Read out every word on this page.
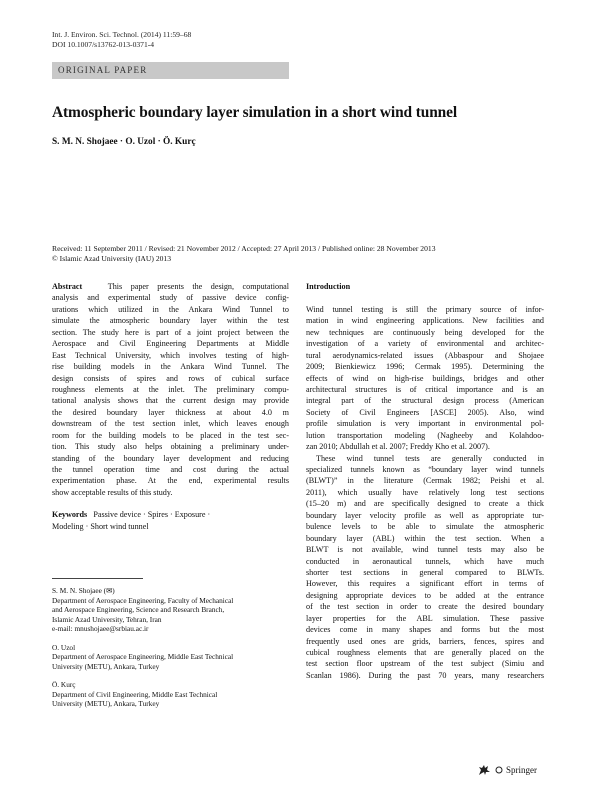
Int. J. Environ. Sci. Technol. (2014) 11:59–68
DOI 10.1007/s13762-013-0371-4
ORIGINAL PAPER
Atmospheric boundary layer simulation in a short wind tunnel
S. M. N. Shojaee · O. Uzol · Ö. Kurç
Received: 11 September 2011 / Revised: 21 November 2012 / Accepted: 27 April 2013 / Published online: 28 November 2013
© Islamic Azad University (IAU) 2013
Abstract	This paper presents the design, computational
analysis and experimental study of passive device config-
urations which utilized in the Ankara Wind Tunnel to
simulate the atmospheric boundary layer within the test
section. The study here is part of a joint project between the
Aerospace and Civil Engineering Departments at Middle
East Technical University, which involves testing of high-
rise building models in the Ankara Wind Tunnel. The
design consists of spires and rows of cubical surface
roughness elements at the inlet. The preliminary compu-
tational analysis shows that the current design may provide
the desired boundary layer thickness at about 4.0 m
downstream of the test section inlet, which leaves enough
room for the building models to be placed in the test sec-
tion. This study also helps obtaining a preliminary under-
standing of the boundary layer development and reducing
the tunnel operation time and cost during the actual
experimentation phase. At the end, experimental results
show acceptable results of this study.
Keywords Passive device · Spires · Exposure ·
Modeling · Short wind tunnel
S. M. N. Shojaee (✉)
Department of Aerospace Engineering, Faculty of Mechanical
and Aerospace Engineering, Science and Research Branch,
Islamic Azad University, Tehran, Iran
e-mail: mnushojaee@srbiau.ac.ir
O. Uzol
Department of Aerospace Engineering, Middle East Technical
University (METU), Ankara, Turkey
Ö. Kurç
Department of Civil Engineering, Middle East Technical
University (METU), Ankara, Turkey
Introduction
Wind tunnel testing is still the primary source of infor-
mation in wind engineering applications. New facilities and
new techniques are continuously being developed for the
investigation of a variety of environmental and architec-
tural aerodynamics-related issues (Abbaspour and Shojaee
2009; Bienkiewicz 1996; Cermak 1995). Determining the
effects of wind on high-rise buildings, bridges and other
architectural structures is of critical importance and is an
integral part of the structural design process (American
Society of Civil Engineers [ASCE] 2005). Also, wind
profile simulation is very important in environmental pol-
lution transportation modeling (Nagheeby and Kolahdoo-
zan 2010; Abdullah et al. 2007; Freddy Kho et al. 2007).
These wind tunnel tests are generally conducted in
specialized tunnels known as “boundary layer wind tunnels
(BLWT)” in the literature (Cermak 1982; Peishi et al.
2011), which usually have relatively long test sections
(15–20 m) and are specifically designed to create a thick
boundary layer velocity profile as well as appropriate tur-
bulence levels to be able to simulate the atmospheric
boundary layer (ABL) within the test section. When a
BLWT is not available, wind tunnel tests may also be
conducted in aeronautical tunnels, which have much
shorter test sections in general compared to BLWTs.
However, this requires a significant effort in terms of
designing appropriate devices to be added at the entrance
of the test section in order to create the desired boundary
layer properties for the ABL simulation. These passive
devices come in many shapes and forms but the most
frequently used ones are grids, barriers, fences, spires and
cubical roughness elements that are generally placed on the
test section floor upstream of the test subject (Simiu and
Scanlan 1986). During the past 70 years, many researchers
Springer
